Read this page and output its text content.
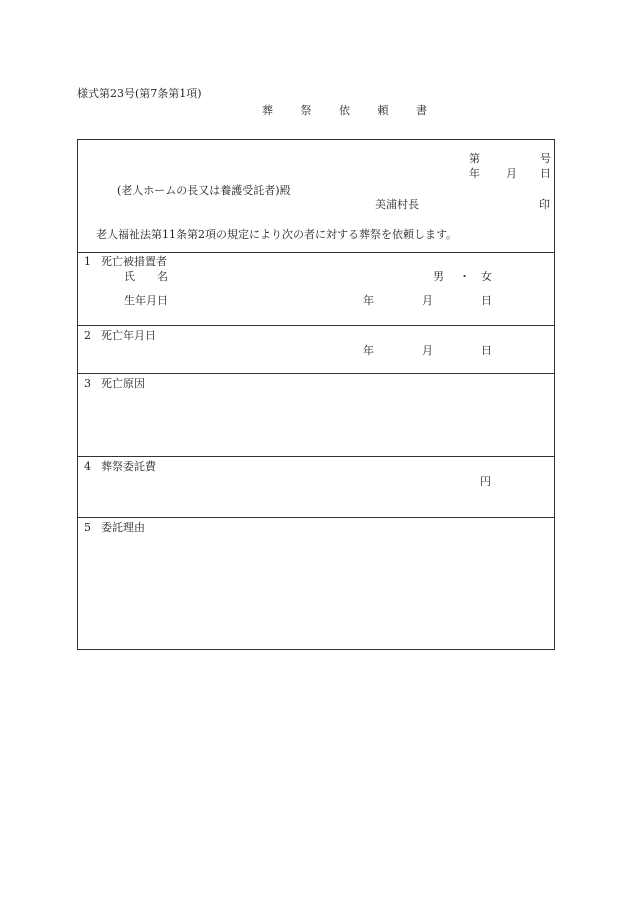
様式第23号(第7条第1項)
葬 祭 依 頼 書
第	号
年 月 日
(老人ホームの長又は養護受託者)殿
美浦村長	印
老人福祉法第11条第2項の規定により次の者に対する葬祭を依頼します。
1 死亡被措置者
氏　　名	男 ・ 女
生年月日	年	月	日
2 死亡年月日
年	月	日
3 死亡原因
4 葬祭委託費
円
5 委託理由
